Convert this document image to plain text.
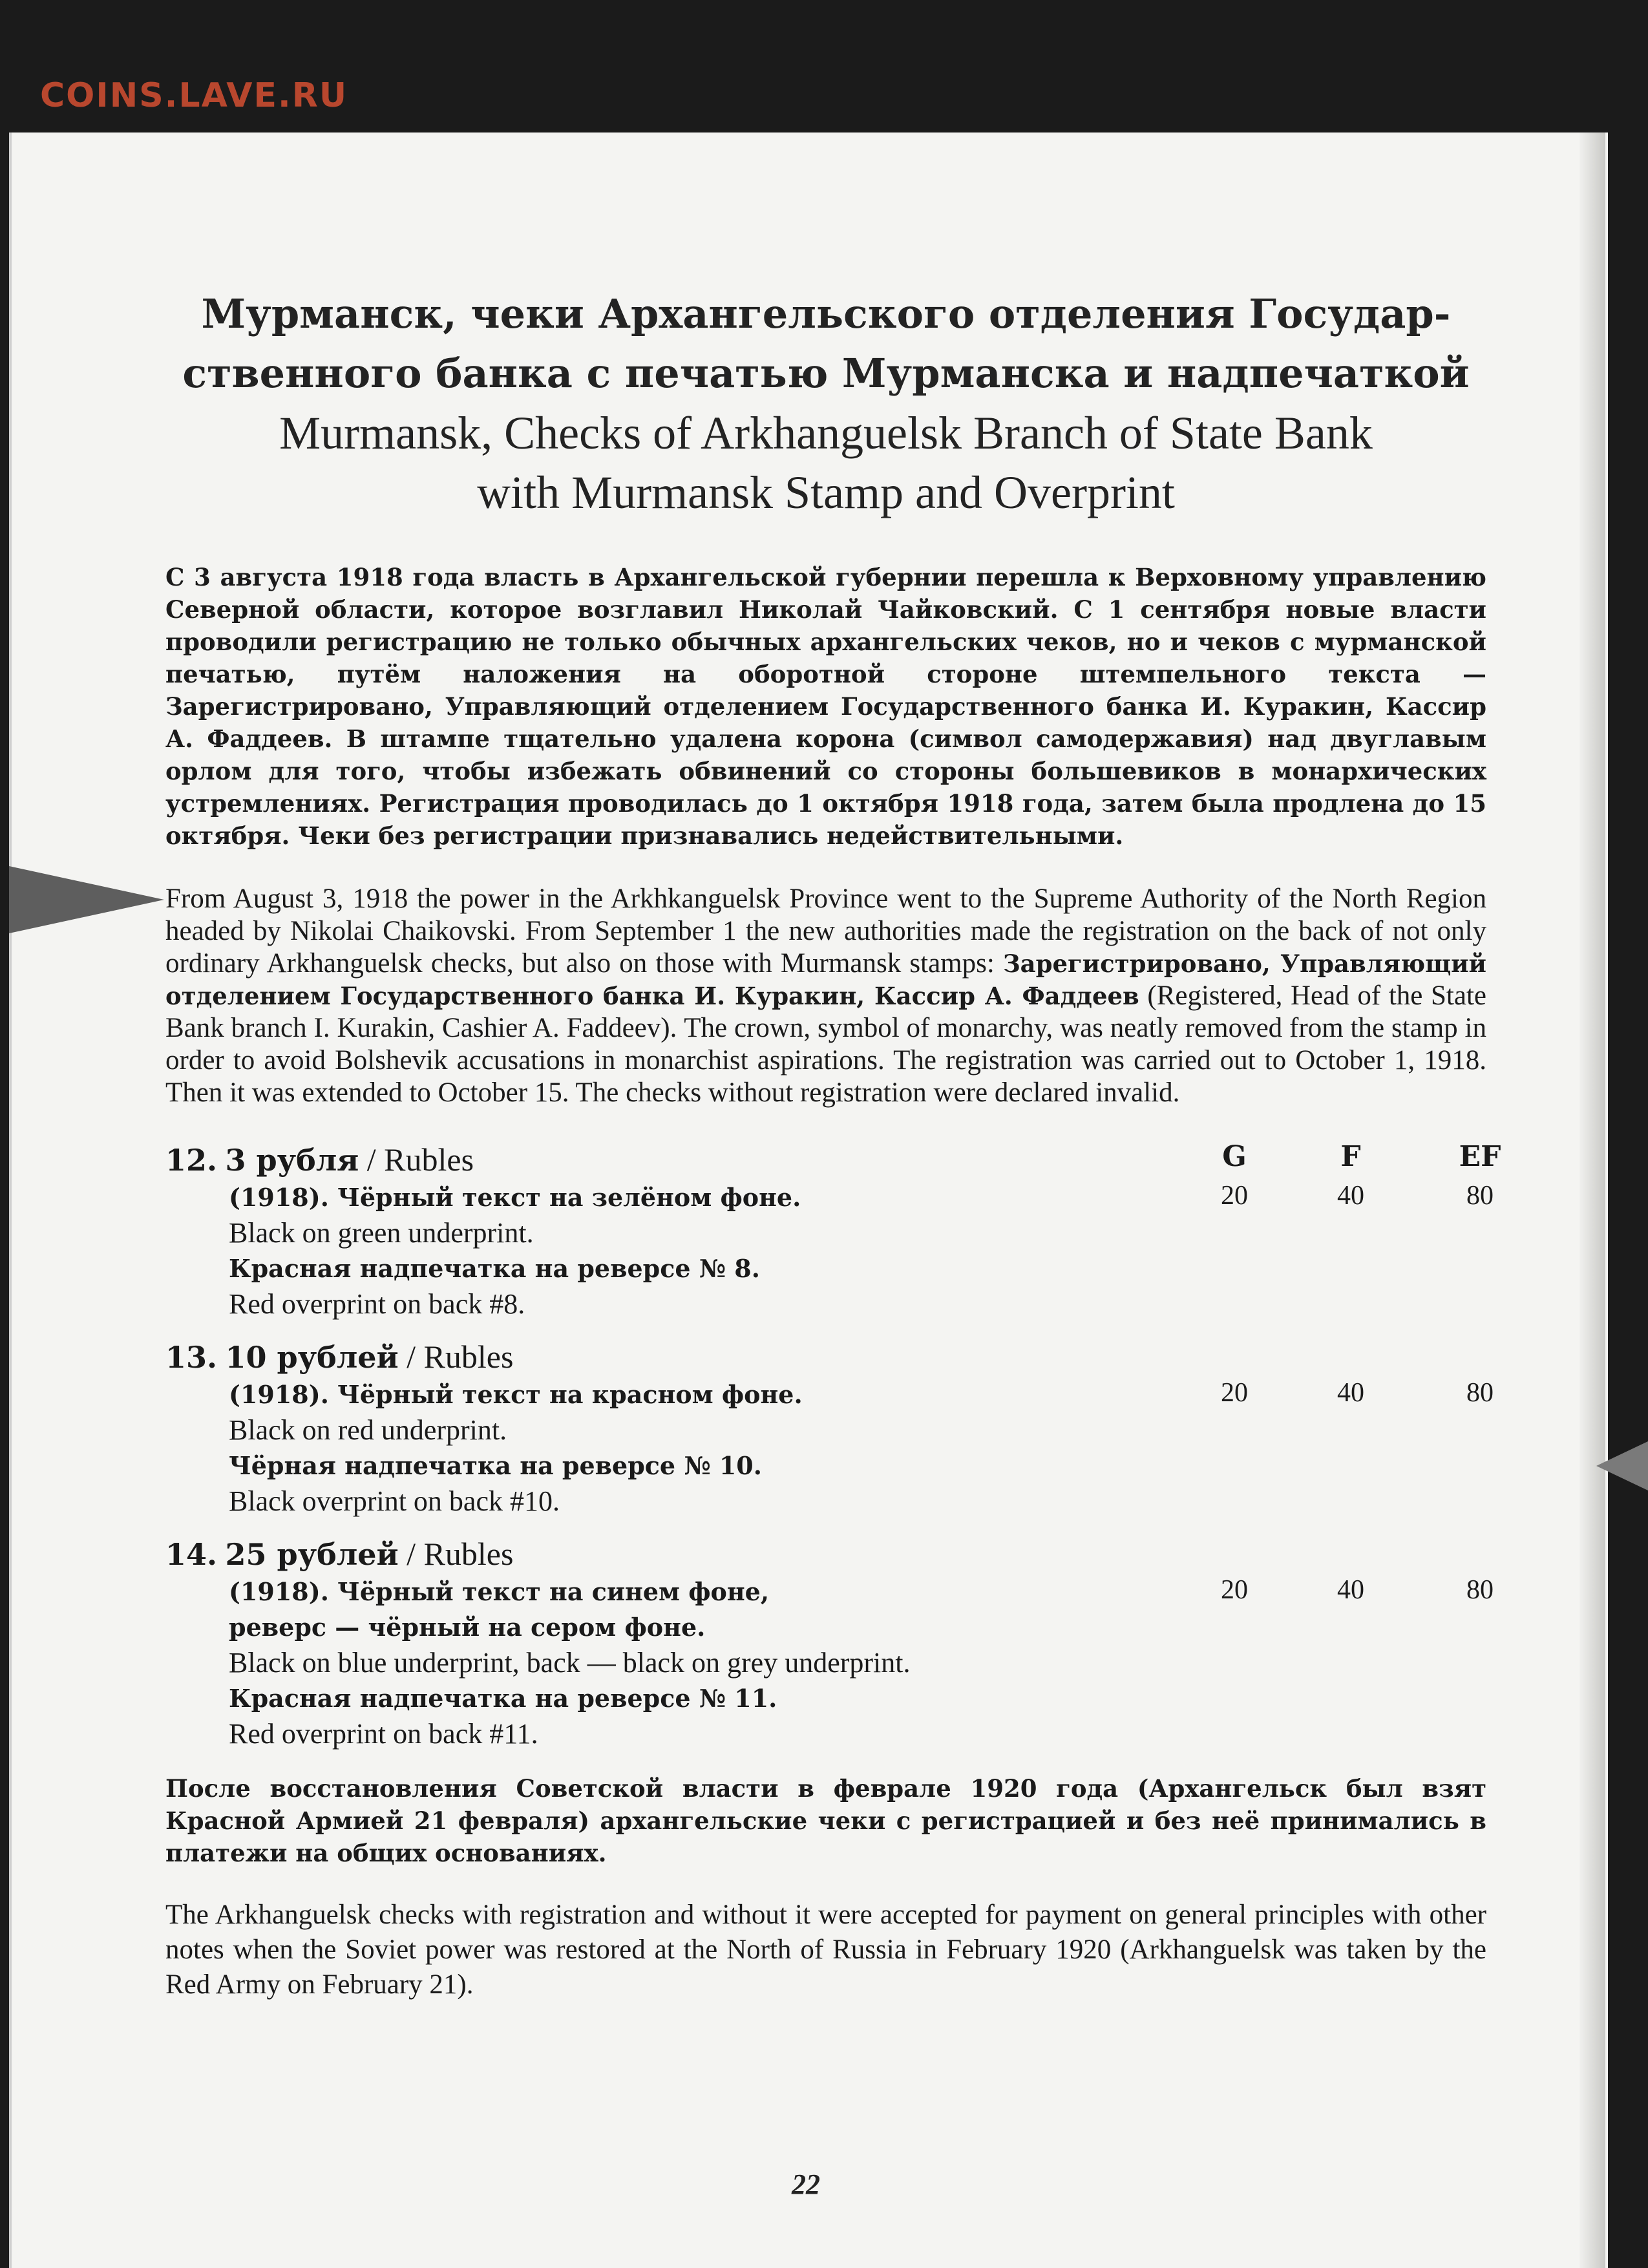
COINS.LAVE.RU
Мурманск, чеки Архангельского отделения Государ-
ственного банка с печатью Мурманска и надпечаткой
Murmansk, Checks of Arkhanguelsk Branch of State Bank
with Murmansk Stamp and Overprint
С 3 августа 1918 года власть в Архангельской губернии перешла к Верховному управлению Северной области, которое возглавил Николай Чайковский. С 1 сентября новые власти проводили регистрацию не только обычных архангельских чеков, но и чеков с мурманской печатью, путём наложения на оборотной стороне штемпельного текста — Зарегистрировано, Управляющий отделением Государственного банка И. Куракин, Кассир А. Фаддеев. В штампе тщательно удалена корона (символ самодержавия) над двуглавым орлом для того, чтобы избежать обвинений со стороны большевиков в монархических устремлениях. Регистрация проводилась до 1 октября 1918 года, затем была продлена до 15 октября. Чеки без регистрации признавались недействительными.
From August 3, 1918 the power in the Arkhkanguelsk Province went to the Supreme Authority of the North Region headed by Nikolai Chaikovski. From September 1 the new authorities made the registration on the back of not only ordinary Arkhanguelsk checks, but also on those with Murmansk stamps: Зарегистрировано, Управляющий отделением Государственного банка И. Куракин, Кассир А. Фаддеев (Registered, Head of the State Bank branch I. Kurakin, Cashier A. Faddeev). The crown, symbol of monarchy, was neatly removed from the stamp in order to avoid Bolshevik accusations in monarchist aspirations. The registration was carried out to October 1, 1918. Then it was extended to October 15. The checks without registration were declared invalid.
G	F	EF
12. 3 рубля / Rubles
(1918). Чёрный текст на зелёном фоне.
Black on green underprint.
Красная надпечатка на реверсе № 8.
Red overprint on back #8.
20	40	80
13. 10 рублей / Rubles
(1918). Чёрный текст на красном фоне.
Black on red underprint.
Чёрная надпечатка на реверсе № 10.
Black overprint on back #10.
20	40	80
14. 25 рублей / Rubles
(1918). Чёрный текст на синем фоне,
реверс — чёрный на сером фоне.
Black on blue underprint, back — black on grey underprint.
Красная надпечатка на реверсе № 11.
Red overprint on back #11.
20	40	80
После восстановления Советской власти в феврале 1920 года (Архангельск был взят Красной Армией 21 февраля) архангельские чеки с регистрацией и без неё принимались в платежи на общих основаниях.
The Arkhanguelsk checks with registration and without it were accepted for payment on general principles with other notes when the Soviet power was restored at the North of Russia in February 1920 (Arkhanguelsk was taken by the Red Army on February 21).
22
